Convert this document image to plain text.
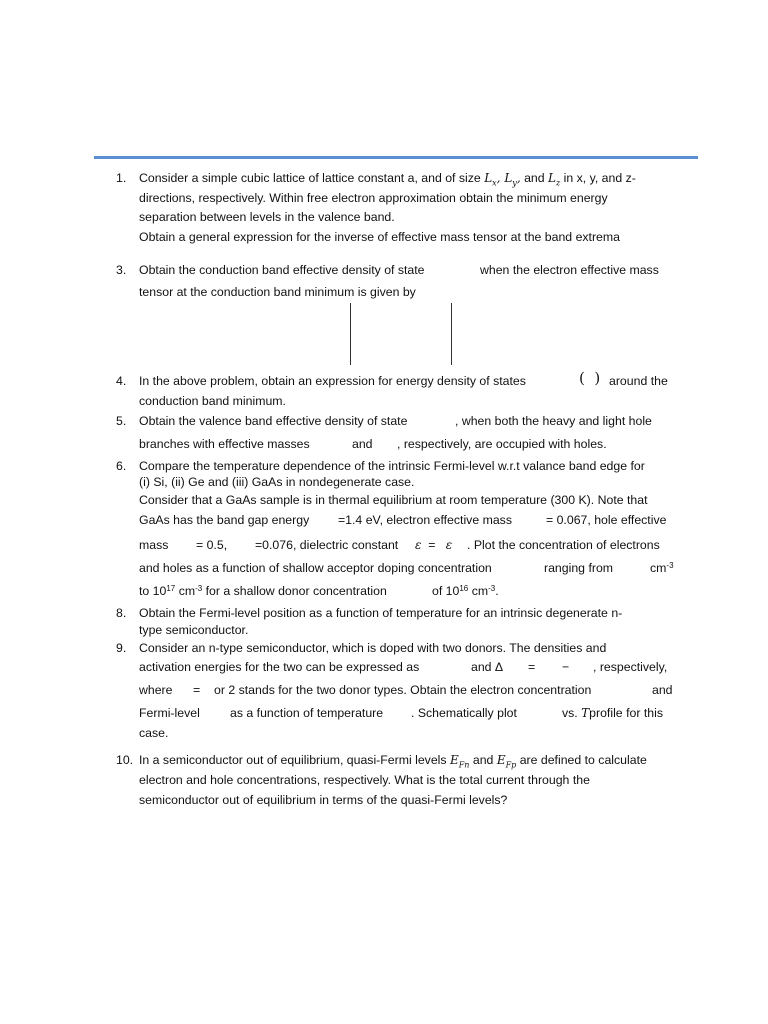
1. Consider a simple cubic lattice of lattice constant a, and of size $L_x$, $L_y$, and $L_z$ in x, y, and z-
directions, respectively. Within free electron approximation obtain the minimum energy
separation between levels in the valence band.
Obtain a general expression for the inverse of effective mass tensor at the band extrema
3. Obtain the conduction band effective density of state	when the electron effective mass
tensor at the conduction band minimum is given by
4. In the above problem, obtain an expression for energy density of states	(  ) around the
conduction band minimum.
5. Obtain the valence band effective density of state	, when both the heavy and light hole
branches with effective masses	and , respectively, are occupied with holes.
6. Compare the temperature dependence of the intrinsic Fermi-level w.r.t valance band edge for
(i) Si, (ii) Ge and (iii) GaAs in nondegenerate case.
Consider that a GaAs sample is in thermal equilibrium at room temperature (300 K). Note that
GaAs has the band gap energy =1.4 eV, electron effective mass	= 0.067, hole effective
mass = 0.5, =0.076, dielectric constant ε = ε . Plot the concentration of electrons
and holes as a function of shallow acceptor doping concentration	ranging from	$cm^{-3}$
to $10^{17}$ $cm^{-3}$ for a shallow donor concentration	of $10^{16}$ $cm^{-3}$.
8. Obtain the Fermi-level position as a function of temperature for an intrinsic degenerate n-
type semiconductor.
9. Consider an n-type semiconductor, which is doped with two donors. The densities and
activation energies for the two can be expressed as	and Δ = − , respectively,
where = or 2 stands for the two donor types. Obtain the electron concentration	and
Fermi-level as a function of temperature . Schematically plot	vs. Tprofile for this
case.
10. In a semiconductor out of equilibrium, quasi-Fermi levels $E_{Fn}$ and $E_{Fp}$ are defined to calculate
electron and hole concentrations, respectively. What is the total current through the
semiconductor out of equilibrium in terms of the quasi-Fermi levels?
